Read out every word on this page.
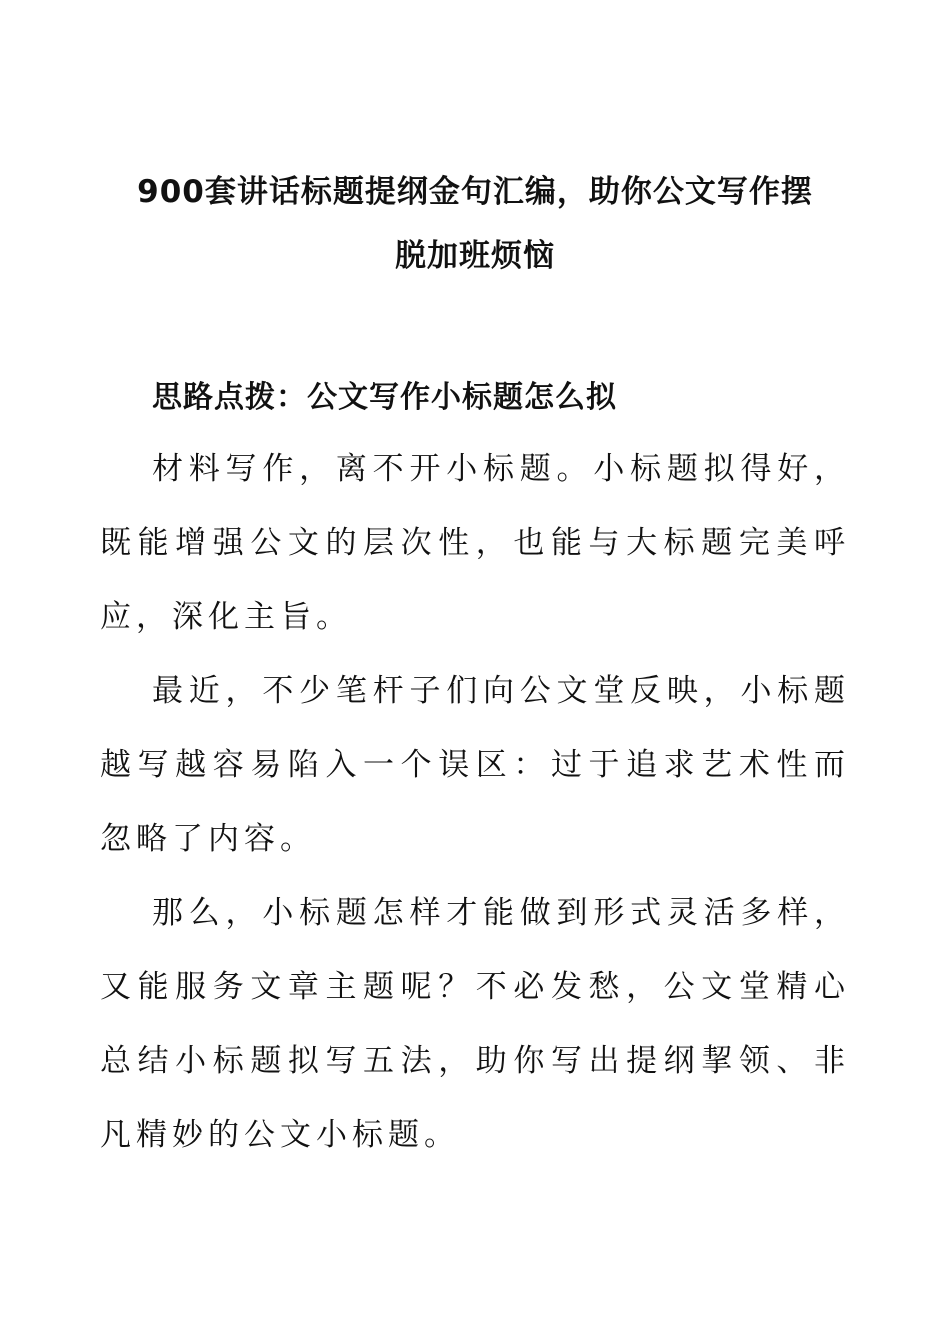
900套讲话标题提纲金句汇编，助你公文写作摆
脱加班烦恼
思路点拨：公文写作小标题怎么拟

材料写作，离不开小标题。小标题拟得好，既能增强公文的层次性，也能与大标题完美呼应，深化主旨。

最近，不少笔杆子们向公文堂反映，小标题越写越容易陷入一个误区：过于追求艺术性而忽略了内容。

那么，小标题怎样才能做到形式灵活多样，又能服务文章主题呢？不必发愁，公文堂精心总结小标题拟写五法，助你写出提纲挈领、非凡精妙的公文小标题。
